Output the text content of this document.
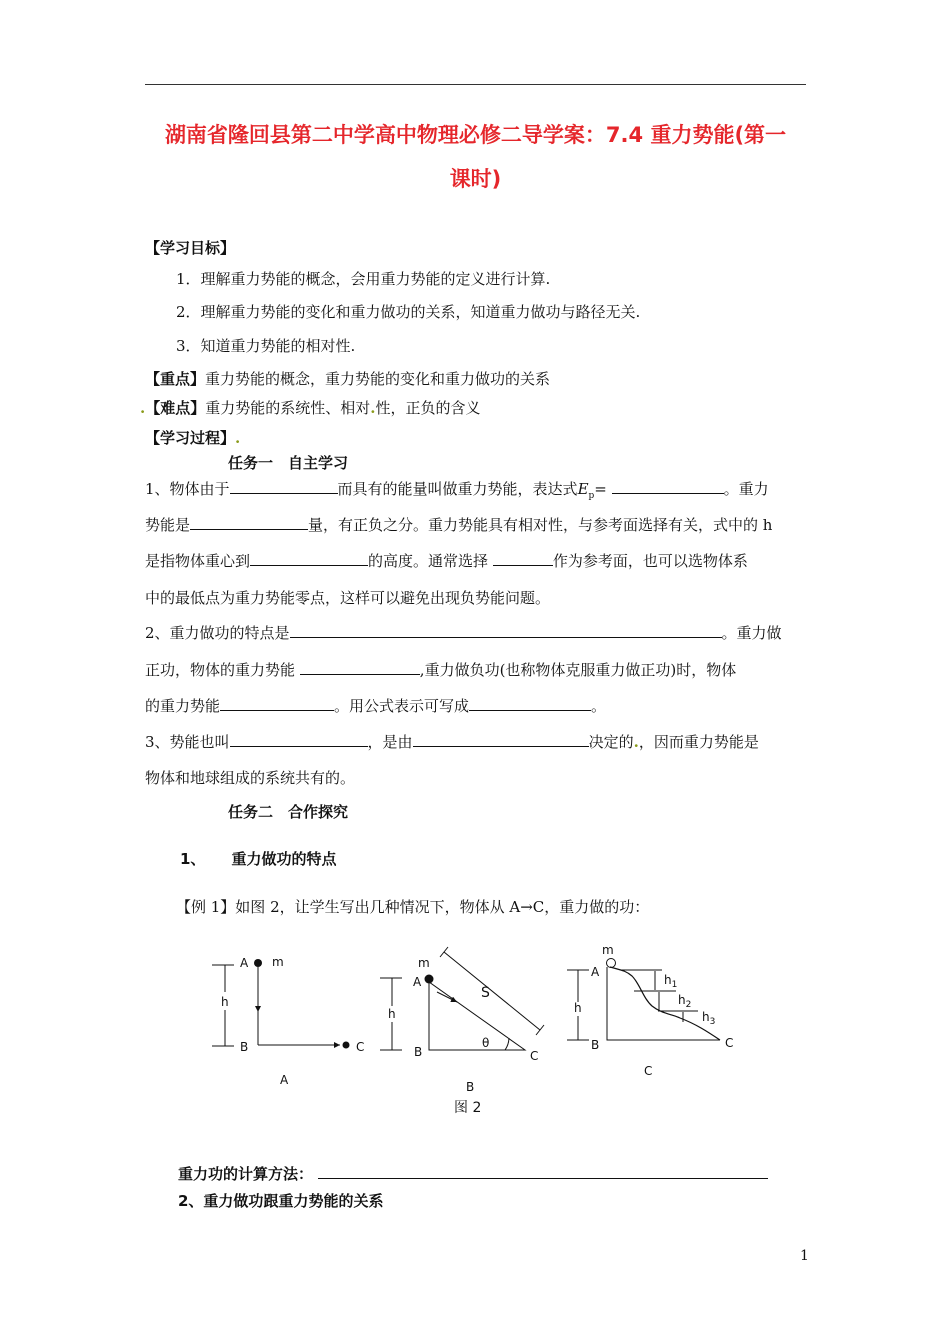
湖南省隆回县第二中学高中物理必修二导学案：7.4 重力势能(第一
课时)
【学习目标】
1．理解重力势能的概念，会用重力势能的定义进行计算.
2．理解重力势能的变化和重力做功的关系，知道重力做功与路径无关.
3．知道重力势能的相对性.
【重点】重力势能的概念，重力势能的变化和重力做功的关系
.【难点】重力势能的系统性、相对.性，正负的含义
【学习过程】.
任务一　自主学习
1、物体由于	而具有的能量叫做重力势能，表达式$E_p=$	。重力
势能是	量，有正负之分。重力势能具有相对性，与参考面选择有关，式中的 h
是指物体重心到	的高度。通常选择	作为参考面，也可以选物体系
中的最低点为重力势能零点，这样可以避免出现负势能问题。
2、重力做功的特点是	。重力做
正功，物体的重力势能	,重力做负功(也称物体克服重力做正功)时，物体
的重力势能	。用公式表示可写成	。
3、势能也叫	，是由	决定的.，因而重力势能是
物体和地球组成的系统共有的。
任务二　合作探究
1、 重力做功的特点
【例 1】如图 2，让学生写出几种情况下，物体从 A→C，重力做的功：
h
A m
B	C
A
h
m
A
S
θ
B	C
B
h
m
A
$h_1$
$h_2$
$h_3$
B	C
C
图 2
重力功的计算方法：
2、重力做功跟重力势能的关系
1
